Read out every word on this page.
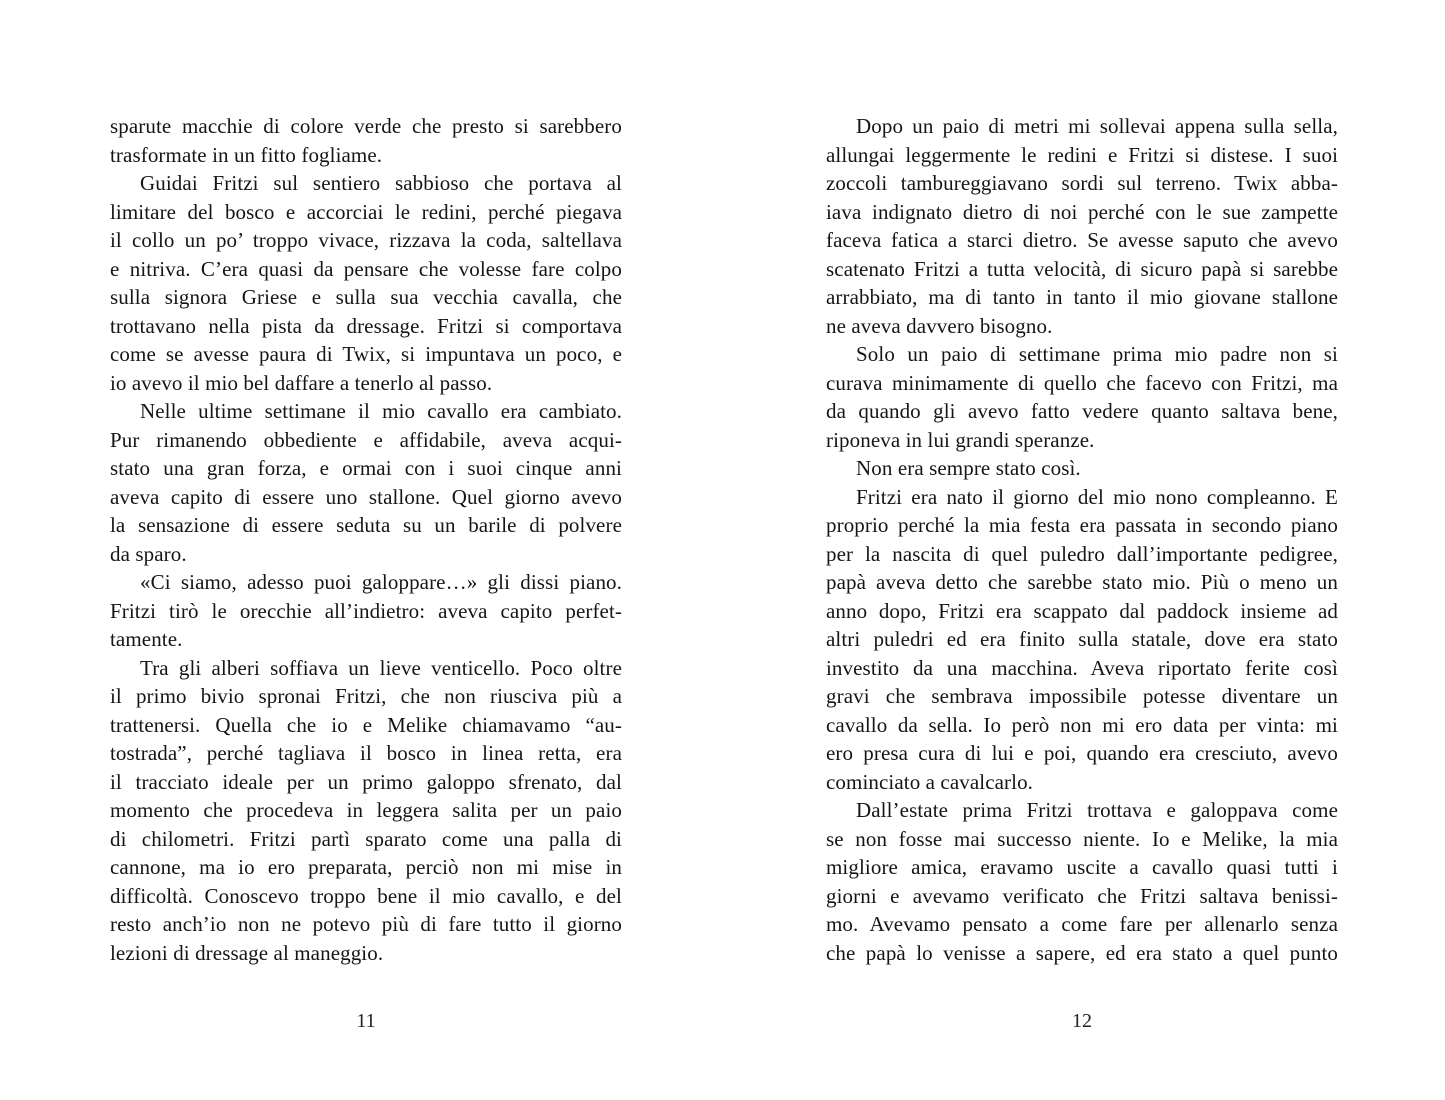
sparute macchie di colore verde che presto si sarebbero
trasformate in un fitto fogliame.
Guidai Fritzi sul sentiero sabbioso che portava al
limitare del bosco e accorciai le redini, perché piegava
il collo un po’ troppo vivace, rizzava la coda, saltellava
e nitriva. C’era quasi da pensare che volesse fare colpo
sulla signora Griese e sulla sua vecchia cavalla, che
trottavano nella pista da dressage. Fritzi si comportava
come se avesse paura di Twix, si impuntava un poco, e
io avevo il mio bel daffare a tenerlo al passo.
Nelle ultime settimane il mio cavallo era cambiato.
Pur rimanendo obbediente e affidabile, aveva acqui-
stato una gran forza, e ormai con i suoi cinque anni
aveva capito di essere uno stallone. Quel giorno avevo
la sensazione di essere seduta su un barile di polvere
da sparo.
«Ci siamo, adesso puoi galoppare…» gli dissi piano.
Fritzi tirò le orecchie all’indietro: aveva capito perfet-
tamente.
Tra gli alberi soffiava un lieve venticello. Poco oltre
il primo bivio spronai Fritzi, che non riusciva più a
trattenersi. Quella che io e Melike chiamavamo “au-
tostrada”, perché tagliava il bosco in linea retta, era
il tracciato ideale per un primo galoppo sfrenato, dal
momento che procedeva in leggera salita per un paio
di chilometri. Fritzi partì sparato come una palla di
cannone, ma io ero preparata, perciò non mi mise in
difficoltà. Conoscevo troppo bene il mio cavallo, e del
resto anch’io non ne potevo più di fare tutto il giorno
lezioni di dressage al maneggio.
11
Dopo un paio di metri mi sollevai appena sulla sella,
allungai leggermente le redini e Fritzi si distese. I suoi
zoccoli tambureggiavano sordi sul terreno. Twix abba-
iava indignato dietro di noi perché con le sue zampette
faceva fatica a starci dietro. Se avesse saputo che avevo
scatenato Fritzi a tutta velocità, di sicuro papà si sarebbe
arrabbiato, ma di tanto in tanto il mio giovane stallone
ne aveva davvero bisogno.
Solo un paio di settimane prima mio padre non si
curava minimamente di quello che facevo con Fritzi, ma
da quando gli avevo fatto vedere quanto saltava bene,
riponeva in lui grandi speranze.
Non era sempre stato così.
Fritzi era nato il giorno del mio nono compleanno. E
proprio perché la mia festa era passata in secondo piano
per la nascita di quel puledro dall’importante pedigree,
papà aveva detto che sarebbe stato mio. Più o meno un
anno dopo, Fritzi era scappato dal paddock insieme ad
altri puledri ed era finito sulla statale, dove era stato
investito da una macchina. Aveva riportato ferite così
gravi che sembrava impossibile potesse diventare un
cavallo da sella. Io però non mi ero data per vinta: mi
ero presa cura di lui e poi, quando era cresciuto, avevo
cominciato a cavalcarlo.
Dall’estate prima Fritzi trottava e galoppava come
se non fosse mai successo niente. Io e Melike, la mia
migliore amica, eravamo uscite a cavallo quasi tutti i
giorni e avevamo verificato che Fritzi saltava benissi-
mo. Avevamo pensato a come fare per allenarlo senza
che papà lo venisse a sapere, ed era stato a quel punto
12
